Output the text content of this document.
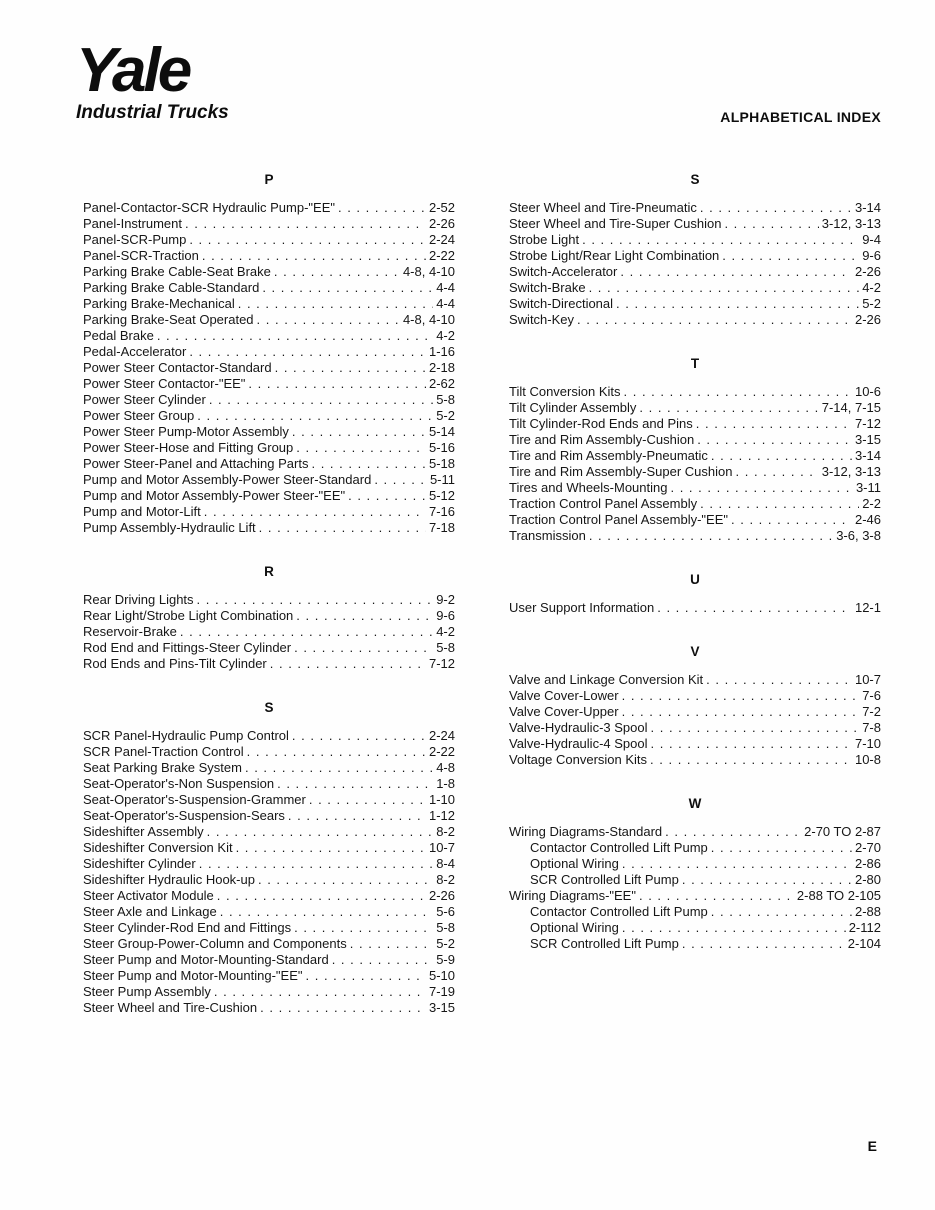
Yale
Industrial Trucks	ALPHABETICAL INDEX
P
Panel-Contactor-SCR Hydraulic Pump-"EE" . . .	2-52
Panel-Instrument . . .	2-26
Panel-SCR-Pump . . .	2-24
Panel-SCR-Traction . . .	2-22
Parking Brake Cable-Seat Brake . . .	4-8, 4-10
Parking Brake Cable-Standard . . .	4-4
Parking Brake-Mechanical . . .	4-4
Parking Brake-Seat Operated . . .	4-8, 4-10
Pedal Brake . . .	4-2
Pedal-Accelerator . . .	1-16
Power Steer Contactor-Standard . . .	2-18
Power Steer Contactor-"EE" . . .	2-62
Power Steer Cylinder . . .	5-8
Power Steer Group . . .	5-2
Power Steer Pump-Motor Assembly . . .	5-14
Power Steer-Hose and Fitting Group . . .	5-16
Power Steer-Panel and Attaching Parts . . .	5-18
Pump and Motor Assembly-Power Steer-Standard . . .	5-11
Pump and Motor Assembly-Power Steer-"EE" . . .	5-12
Pump and Motor-Lift . . .	7-16
Pump Assembly-Hydraulic Lift . . .	7-18
R
Rear Driving Lights . . .	9-2
Rear Light/Strobe Light Combination . . .	9-6
Reservoir-Brake . . .	4-2
Rod End and Fittings-Steer Cylinder . . .	5-8
Rod Ends and Pins-Tilt Cylinder . . .	7-12
S
SCR Panel-Hydraulic Pump Control . . .	2-24
SCR Panel-Traction Control . . .	2-22
Seat Parking Brake System . . .	4-8
Seat-Operator's-Non Suspension . . .	1-8
Seat-Operator's-Suspension-Grammer . . .	1-10
Seat-Operator's-Suspension-Sears . . .	1-12
Sideshifter Assembly . . .	8-2
Sideshifter Conversion Kit . . .	10-7
Sideshifter Cylinder . . .	8-4
Sideshifter Hydraulic Hook-up . . .	8-2
Steer Activator Module . . .	2-26
Steer Axle and Linkage . . .	5-6
Steer Cylinder-Rod End and Fittings . . .	5-8
Steer Group-Power-Column and Components . . .	5-2
Steer Pump and Motor-Mounting-Standard . . .	5-9
Steer Pump and Motor-Mounting-"EE" . . .	5-10
Steer Pump Assembly . . .	7-19
Steer Wheel and Tire-Cushion . . .	3-15
S
Steer Wheel and Tire-Pneumatic . . .	3-14
Steer Wheel and Tire-Super Cushion . . .	3-12, 3-13
Strobe Light . . .	9-4
Strobe Light/Rear Light Combination . . .	9-6
Switch-Accelerator . . .	2-26
Switch-Brake . . .	4-2
Switch-Directional . . .	5-2
Switch-Key . . .	2-26
T
Tilt Conversion Kits . . .	10-6
Tilt Cylinder Assembly . . .	7-14, 7-15
Tilt Cylinder-Rod Ends and Pins . . .	7-12
Tire and Rim Assembly-Cushion . . .	3-15
Tire and Rim Assembly-Pneumatic . . .	3-14
Tire and Rim Assembly-Super Cushion . . .	3-12, 3-13
Tires and Wheels-Mounting . . .	3-11
Traction Control Panel Assembly . . .	2-2
Traction Control Panel Assembly-"EE" . . .	2-46
Transmission . . .	3-6, 3-8
U
User Support Information . . .	12-1
V
Valve and Linkage Conversion Kit . . .	10-7
Valve Cover-Lower . . .	7-6
Valve Cover-Upper . . .	7-2
Valve-Hydraulic-3 Spool . . .	7-8
Valve-Hydraulic-4 Spool . . .	7-10
Voltage Conversion Kits . . .	10-8
W
Wiring Diagrams-Standard . . .	2-70 TO 2-87
Contactor Controlled Lift Pump . . .	2-70
Optional Wiring . . .	2-86
SCR Controlled Lift Pump . . .	2-80
Wiring Diagrams-"EE" . . .	2-88 TO 2-105
Contactor Controlled Lift Pump . . .	2-88
Optional Wiring . . .	2-112
SCR Controlled Lift Pump . . .	2-104
E
